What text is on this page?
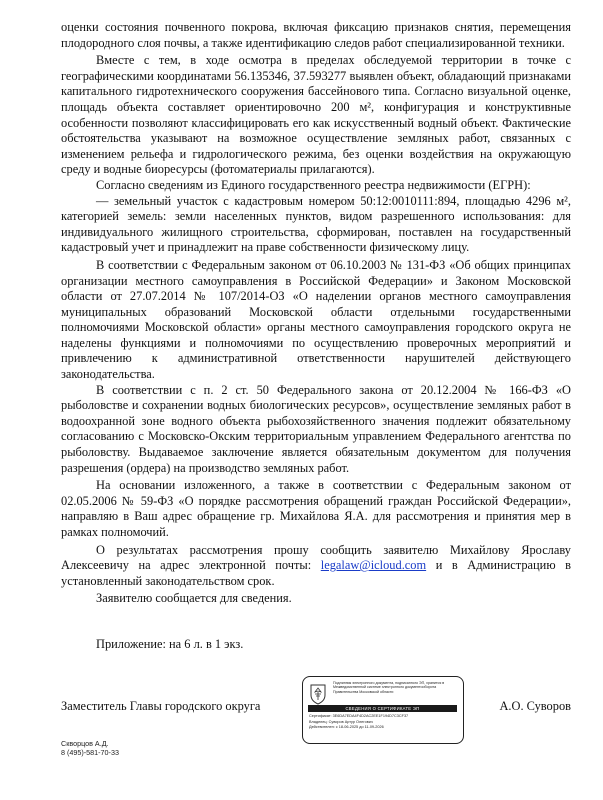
оценки состояния почвенного покрова, включая фиксацию признаков снятия, перемещения плодородного слоя почвы, а также идентификацию следов работ специализированной техники.

Вместе с тем, в ходе осмотра в пределах обследуемой территории в точке с географическими координатами 56.135346, 37.593277 выявлен объект, обладающий признаками капитального гидротехнического сооружения бассейнового типа. Согласно визуальной оценке, площадь объекта составляет ориентировочно 200 м², конфигурация и конструктивные особенности позволяют классифицировать его как искусственный водный объект. Фактические обстоятельства указывают на возможное осуществление земляных работ, связанных с изменением рельефа и гидрологического режима, без оценки воздействия на окружающую среду и водные биоресурсы (фотоматериалы прилагаются).

Согласно сведениям из Единого государственного реестра недвижимости (ЕГРН):

— земельный участок с кадастровым номером 50:12:0010111:894, площадью 4296 м², категорией земель: земли населенных пунктов, видом разрешенного использования: для индивидуального жилищного строительства, сформирован, поставлен на государственный кадастровый учет и принадлежит на праве собственности физическому лицу.

В соответствии с Федеральным законом от 06.10.2003 № 131-ФЗ «Об общих принципах организации местного самоуправления в Российской Федерации» и Законом Московской области от 27.07.2014 № 107/2014-ОЗ «О наделении органов местного самоуправления муниципальных образований Московской области отдельными государственными полномочиями Московской области» органы местного самоуправления городского округа не наделены функциями и полномочиями по осуществлению проверочных мероприятий и привлечению к административной ответственности нарушителей действующего законодательства.

В соответствии с п. 2 ст. 50 Федерального закона от 20.12.2004 № 166-ФЗ «О рыболовстве и сохранении водных биологических ресурсов», осуществление земляных работ в водоохранной зоне водного объекта рыбохозяйственного значения подлежит обязательному согласованию с Московско-Окским территориальным управлением Федерального агентства по рыболовству. Выдаваемое заключение является обязательным документом для получения разрешения (ордера) на производство земляных работ.

На основании изложенного, а также в соответствии с Федеральным законом от 02.05.2006 № 59-ФЗ «О порядке рассмотрения обращений граждан Российской Федерации», направляю в Ваш адрес обращение гр. Михайлова Я.А. для рассмотрения и принятия мер в рамках полномочий.

О результатах рассмотрения прошу сообщить заявителю Михайлову Ярославу Алексеевичу на адрес электронной почты: legalaw@icloud.com и в Администрацию в установленный законодательством срок.

Заявителю сообщается для сведения.

Приложение: на 6 л. в 1 экз.

Подлинник электронного документа, подписанного ЭП, хранится в Межведомственной системе электронного документооборота Правительства Московской области
СВЕДЕНИЯ О СЕРТИФИКАТЕ ЭП
Сертификат: 3E6DA7EDA4F4D2AC2EE1F194D7C3CF37
Владелец: Суворов Артур Олегович
Действителен: с 18-06-2025 до 11-09-2026
Заместитель Главы городского округа	А.О. Суворов
Скворцов А.Д.
8 (495)-581-70-33
